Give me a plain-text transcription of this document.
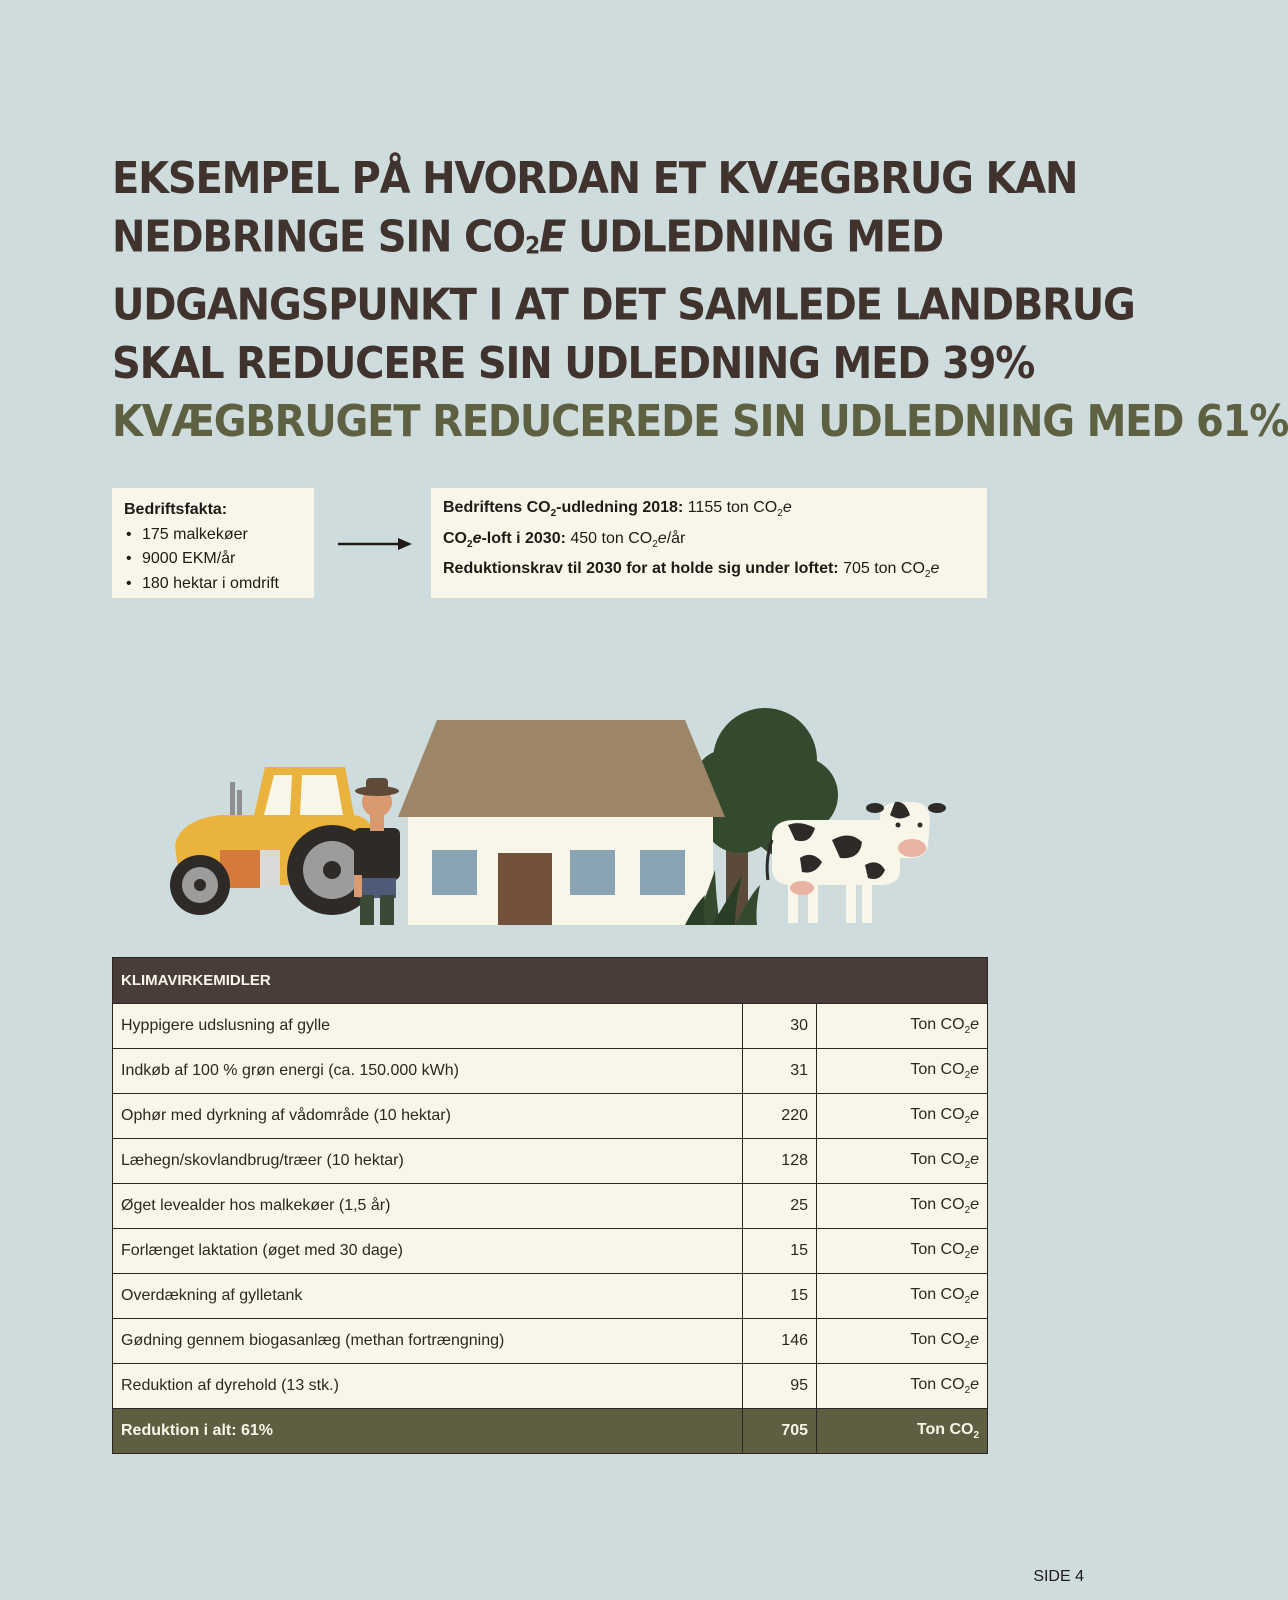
EKSEMPEL PÅ HVORDAN ET KVÆGBRUG KAN
NEDBRINGE SIN $CO_2E$ UDLEDNING MED
UDGANGSPUNKT I AT DET SAMLEDE LANDBRUG
SKAL REDUCERE SIN UDLEDNING MED 39%
KVÆGBRUGET REDUCEREDE SIN UDLEDNING MED 61%
Bedriftsfakta:
• 175 malkekøer
• 9000 EKM/år
• 180 hektar i omdrift
Bedriftens $CO_2$-udledning 2018: 1155 ton $CO_2e$
$CO_2e$-loft i 2030: 450 ton $CO_2e/år$
Reduktionskrav til 2030 for at holde sig under loftet: 705 ton $CO_2e$
KLIMAVIRKEMIDLER		
Hyppigere udslusning af gylle	30	Ton $CO_2e$
Indkøb af 100 % grøn energi (ca. 150.000 kWh)	31	Ton $CO_2e$
Ophør med dyrkning af vådområde (10 hektar)	220	Ton $CO_2e$
Læhegn/skovlandbrug/træer (10 hektar)	128	Ton $CO_2e$
Øget levealder hos malkekøer (1,5 år)	25	Ton $CO_2e$
Forlænget laktation (øget med 30 dage)	15	Ton $CO_2e$
Overdækning af gylletank	15	Ton $CO_2e$
Gødning gennem biogasanlæg (methan fortrængning)	146	Ton $CO_2e$
Reduktion af dyrehold (13 stk.)	95	Ton $CO_2e$
Reduktion i alt: 61%	705	Ton $CO_2$
SIDE 4
